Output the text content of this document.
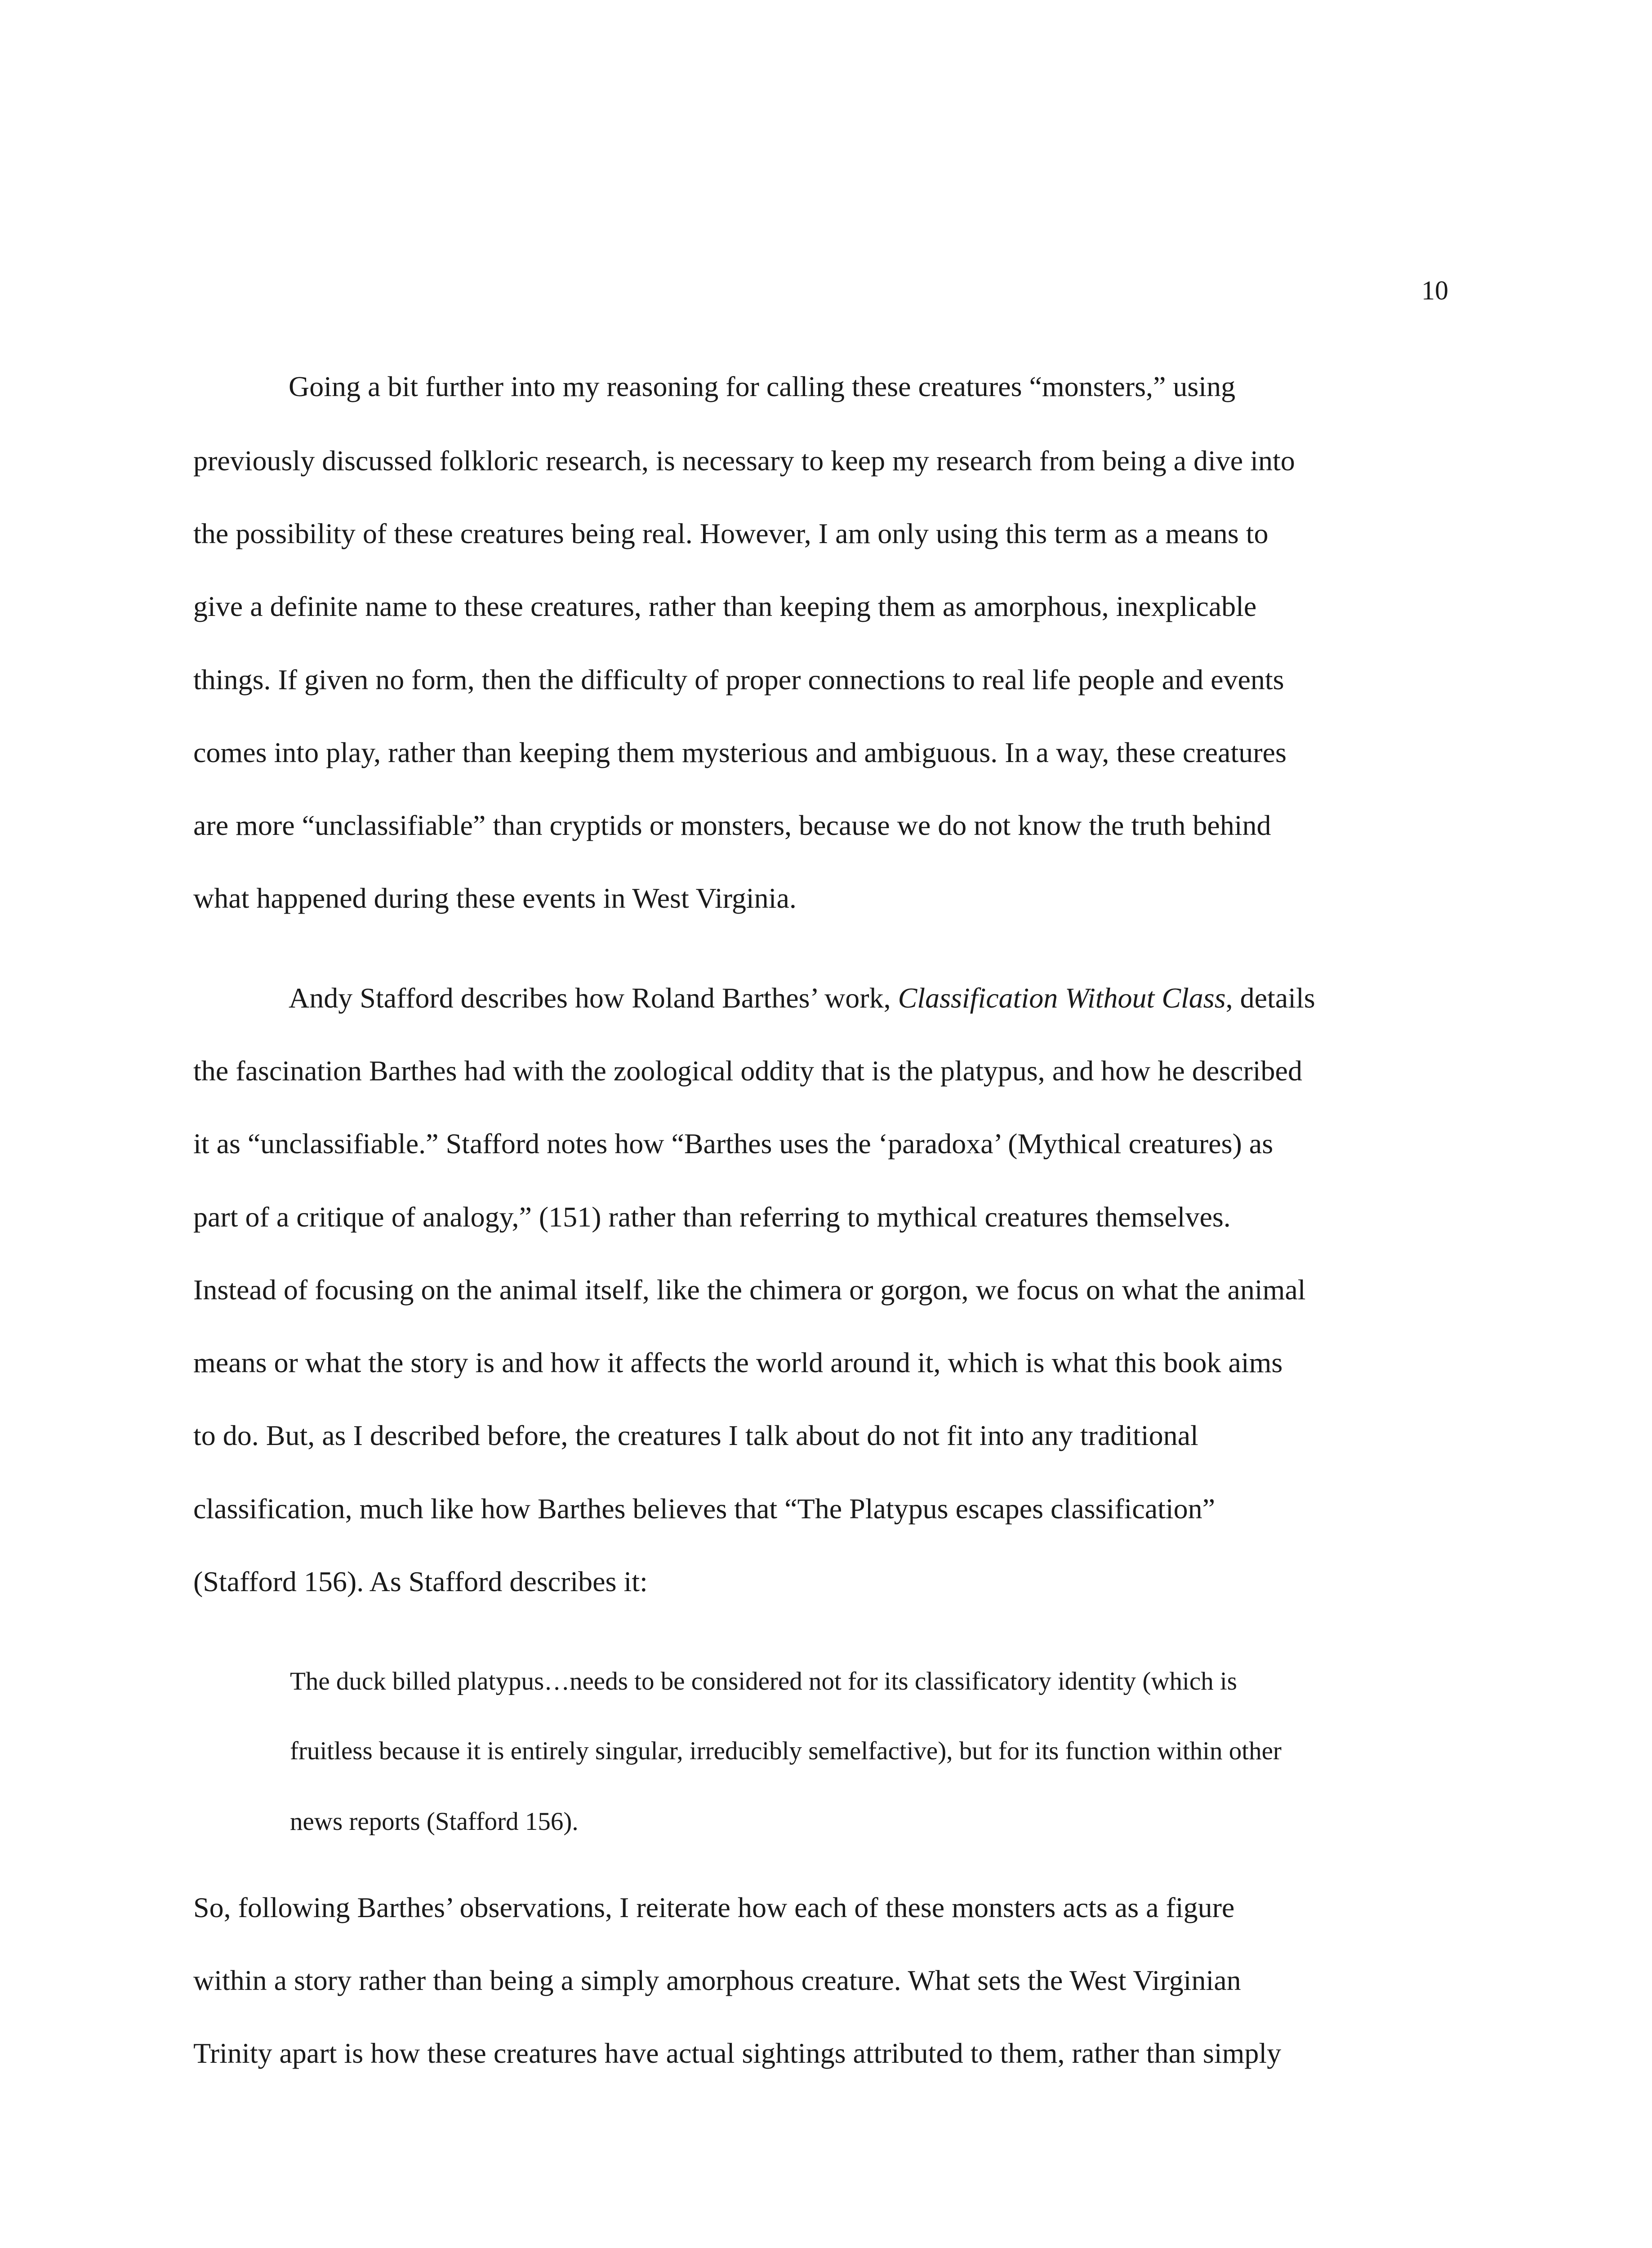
10
Going a bit further into my reasoning for calling these creatures “monsters,” using
previously discussed folkloric research, is necessary to keep my research from being a dive into
the possibility of these creatures being real. However, I am only using this term as a means to
give a definite name to these creatures, rather than keeping them as amorphous, inexplicable
things. If given no form, then the difficulty of proper connections to real life people and events
comes into play, rather than keeping them mysterious and ambiguous. In a way, these creatures
are more “unclassifiable” than cryptids or monsters, because we do not know the truth behind
what happened during these events in West Virginia.
Andy Stafford describes how Roland Barthes’ work, Classification Without Class, details
the fascination Barthes had with the zoological oddity that is the platypus, and how he described
it as “unclassifiable.” Stafford notes how “Barthes uses the ‘paradoxa’ (Mythical creatures) as
part of a critique of analogy,” (151) rather than referring to mythical creatures themselves.
Instead of focusing on the animal itself, like the chimera or gorgon, we focus on what the animal
means or what the story is and how it affects the world around it, which is what this book aims
to do. But, as I described before, the creatures I talk about do not fit into any traditional
classification, much like how Barthes believes that “The Platypus escapes classification”
(Stafford 156). As Stafford describes it:
The duck billed platypus…needs to be considered not for its classificatory identity (which is
fruitless because it is entirely singular, irreducibly semelfactive), but for its function within other
news reports (Stafford 156).
So, following Barthes’ observations, I reiterate how each of these monsters acts as a figure
within a story rather than being a simply amorphous creature. What sets the West Virginian
Trinity apart is how these creatures have actual sightings attributed to them, rather than simply
